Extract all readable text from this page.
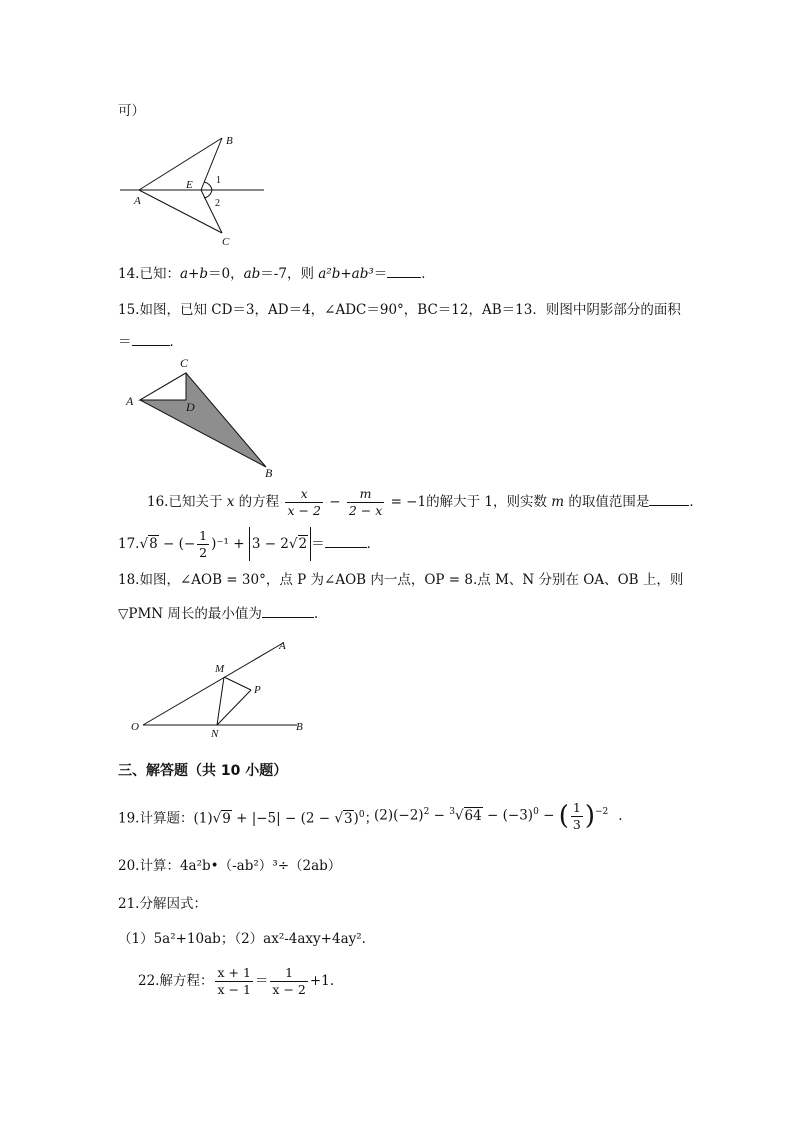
可）
A
B
C
E 1
2
14.已知：a+b＝0，ab＝-7，则 a²b+ab³＝	．
15.如图，已知 CD＝3，AD＝4，∠ADC＝90°，BC＝12，AB＝13．则图中阴影部分的面积
＝	．
A
C
D
B
16.已知关于 x 的方程 $\frac{x}{x - 2} - \frac{m}{2 - x} = -1$的解大于 1，则实数 m 的取值范围是	．
17.√8 − (− $\frac{1}{2} )^{-1} + 3 - 2√2$ ＝	．
18.如图，∠AOB = 30°，点 P 为∠AOB 内一点，OP = 8.点 M、N 分别在 OA、OB 上，则
▽PMN 周长的最小值为	.
O
A
B
M
N
P
三、解答题（共 10 小题）
19.计算题：$(1)√9 + |-5| - (2 - √3)^0$；
$(2)(-2)^2 - ^3√64 - (-3)^0$ − ( $\frac{1}{3} )^{-2}$ .
20.计算：4a²b•（-ab²）³÷（2ab）
21.分解因式：
（1）5a²+10ab；（2）ax²-4axy+4ay².
22.解方程： $\frac{x + 1}{x - 1} = \frac{1}{x - 2} +1$.
